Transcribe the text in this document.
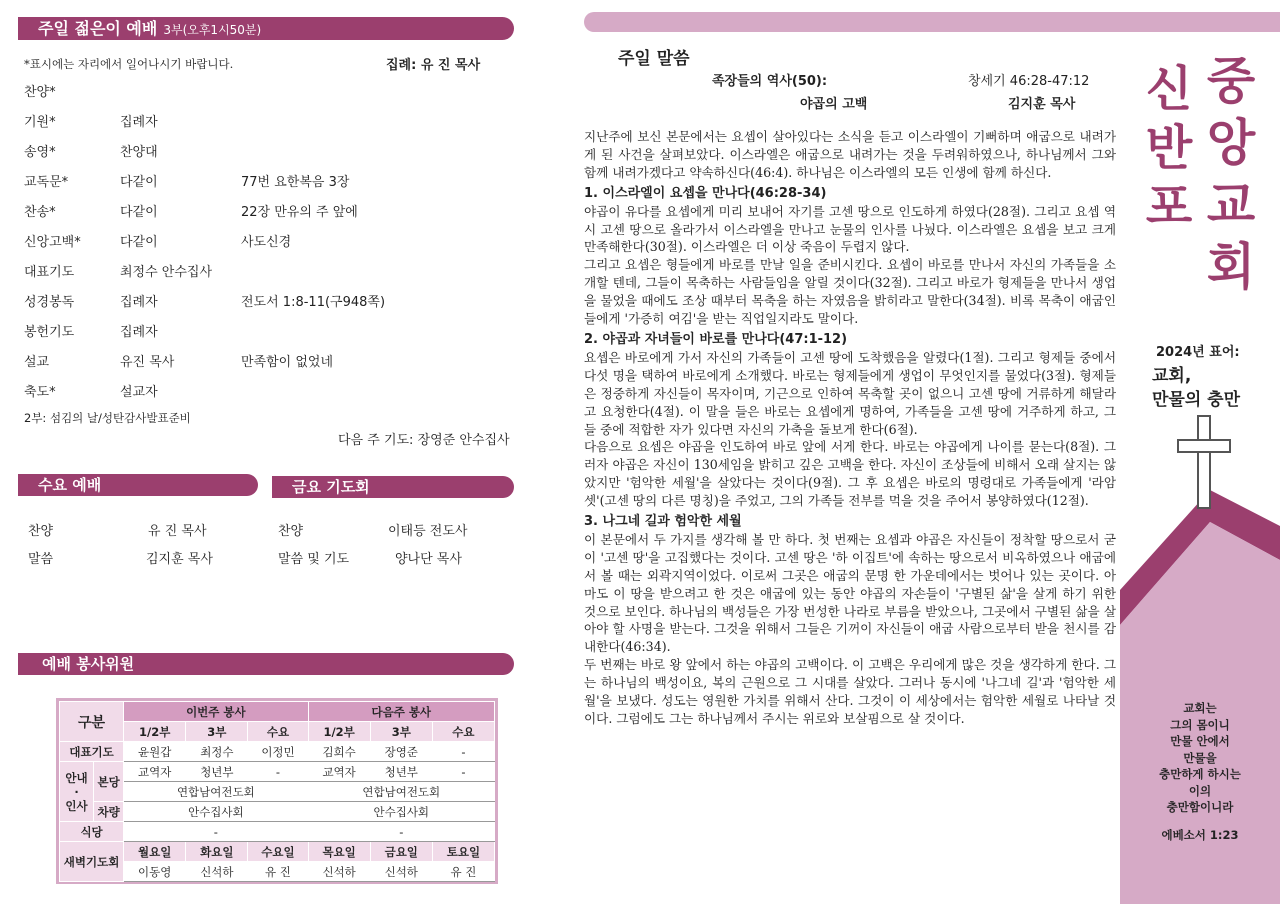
주일 젊은이 예배 3부(오후1시50분)
*표시에는 자리에서 일어나시기 바랍니다.	집례: 유 진 목사
찬양*
기원*	집례자
송영*	찬양대
교독문*	다같이	77번 요한복음 3장
찬송*	다같이	22장 만유의 주 앞에
신앙고백*	다같이	사도신경
대표기도	최정수 안수집사
성경봉독	집례자	전도서 1:8-11(구948쪽)
봉헌기도	집례자
설교	유진 목사	만족함이 없었네
축도*	설교자
2부: 섬김의 날/성탄감사발표준비
다음 주 기도: 장영준 안수집사
수요 예배	금요 기도회
찬양	유 진 목사
말씀	김지훈 목사
찬양	이태등 전도사
말씀 및 기도	양나단 목사
예배 봉사위원
구분		이번주 봉사			다음주 봉사		
		1/2부	3부	수요	1/2부	3부	수요
대표기도		윤원갑	최정수	이정민	김희수	장영준	-
안내
·
인사	본당	교역자	청년부	-	교역자	청년부	-
		연합남여전도회			연합남여전도회		
	차량	안수집사회			안수집사회		
식당		-			-		
새벽기도회		월요일	화요일	수요일	목요일	금요일	토요일
		이동영	신석하	유 진	신석하	신석하	유 진
주일 말씀
족장들의 역사(50):	창세기 46:28-47:12
야곱의 고백	김지훈 목사

지난주에 보신 본문에서는 요셉이 살아있다는 소식을 듣고 이스라엘이 기뻐하며 애굽으로 내려가게 된 사건을 살펴보았다. 이스라엘은 애굽으로 내려가는 것을 두려워하였으나, 하나님께서 그와 함께 내려가겠다고 약속하신다(46:4). 하나님은 이스라엘의 모든 인생에 함께 하신다.

1. 이스라엘이 요셉을 만나다(46:28-34)

야곱이 유다를 요셉에게 미리 보내어 자기를 고센 땅으로 인도하게 하였다(28절). 그리고 요셉 역시 고센 땅으로 올라가서 이스라엘을 만나고 눈물의 인사를 나눴다. 이스라엘은 요셉을 보고 크게 만족해한다(30절). 이스라엘은 더 이상 죽음이 두렵지 않다.

그리고 요셉은 형들에게 바로를 만날 일을 준비시킨다. 요셉이 바로를 만나서 자신의 가족들을 소개할 텐데, 그들이 목축하는 사람들임을 알릴 것이다(32절). 그리고 바로가 형제들을 만나서 생업을 물었을 때에도 조상 때부터 목축을 하는 자였음을 밝히라고 말한다(34절). 비록 목축이 애굽인들에게 '가증히 여김'을 받는 직업일지라도 말이다.

2. 야곱과 자녀들이 바로를 만나다(47:1-12)

요셉은 바로에게 가서 자신의 가족들이 고센 땅에 도착했음을 알렸다(1절). 그리고 형제들 중에서 다섯 명을 택하여 바로에게 소개했다. 바로는 형제들에게 생업이 무엇인지를 물었다(3절). 형제들은 정중하게 자신들이 목자이며, 기근으로 인하여 목축할 곳이 없으니 고센 땅에 거류하게 해달라고 요청한다(4절). 이 말을 들은 바로는 요셉에게 명하여, 가족들을 고센 땅에 거주하게 하고, 그들 중에 적합한 자가 있다면 자신의 가축을 돌보게 한다(6절).

다음으로 요셉은 야곱을 인도하여 바로 앞에 서게 한다. 바로는 야곱에게 나이를 묻는다(8절). 그러자 야곱은 자신이 130세임을 밝히고 깊은 고백을 한다. 자신이 조상들에 비해서 오래 살지는 않았지만 '험악한 세월'을 살았다는 것이다(9절). 그 후 요셉은 바로의 명령대로 가족들에게 '라암셋'(고센 땅의 다른 명칭)을 주었고, 그의 가족들 전부를 먹을 것을 주어서 봉양하였다(12절).

3. 나그네 길과 험악한 세월

이 본문에서 두 가지를 생각해 볼 만 하다. 첫 번째는 요셉과 야곱은 자신들이 정착할 땅으로서 굳이 '고센 땅'을 고집했다는 것이다. 고센 땅은 '하 이집트'에 속하는 땅으로서 비옥하였으나 애굽에서 볼 때는 외곽지역이었다. 이로써 그곳은 애굽의 문명 한 가운데에서는 벗어나 있는 곳이다. 아마도 이 땅을 받으려고 한 것은 애굽에 있는 동안 야곱의 자손들이 '구별된 삶'을 살게 하기 위한 것으로 보인다. 하나님의 백성들은 가장 번성한 나라로 부름을 받았으나, 그곳에서 구별된 삶을 살아야 할 사명을 받는다. 그것을 위해서 그들은 기꺼이 자신들이 애굽 사람으로부터 받을 천시를 감내한다(46:34).

두 번째는 바로 왕 앞에서 하는 야곱의 고백이다. 이 고백은 우리에게 많은 것을 생각하게 한다. 그는 하나님의 백성이요, 복의 근원으로 그 시대를 살았다. 그러나 동시에 '나그네 길'과 '험악한 세월'을 보냈다. 성도는 영원한 가치를 위해서 산다. 그것이 이 세상에서는 험악한 세월로 나타날 것이다. 그럼에도 그는 하나님께서 주시는 위로와 보살핌으로 살 것이다.

중앙교회
신반포
2024년 표어:
교회,
만물의 충만
교회는
그의 몸이니
만물 안에서
만물을
충만하게 하시는
이의
충만함이니라
에베소서 1:23
